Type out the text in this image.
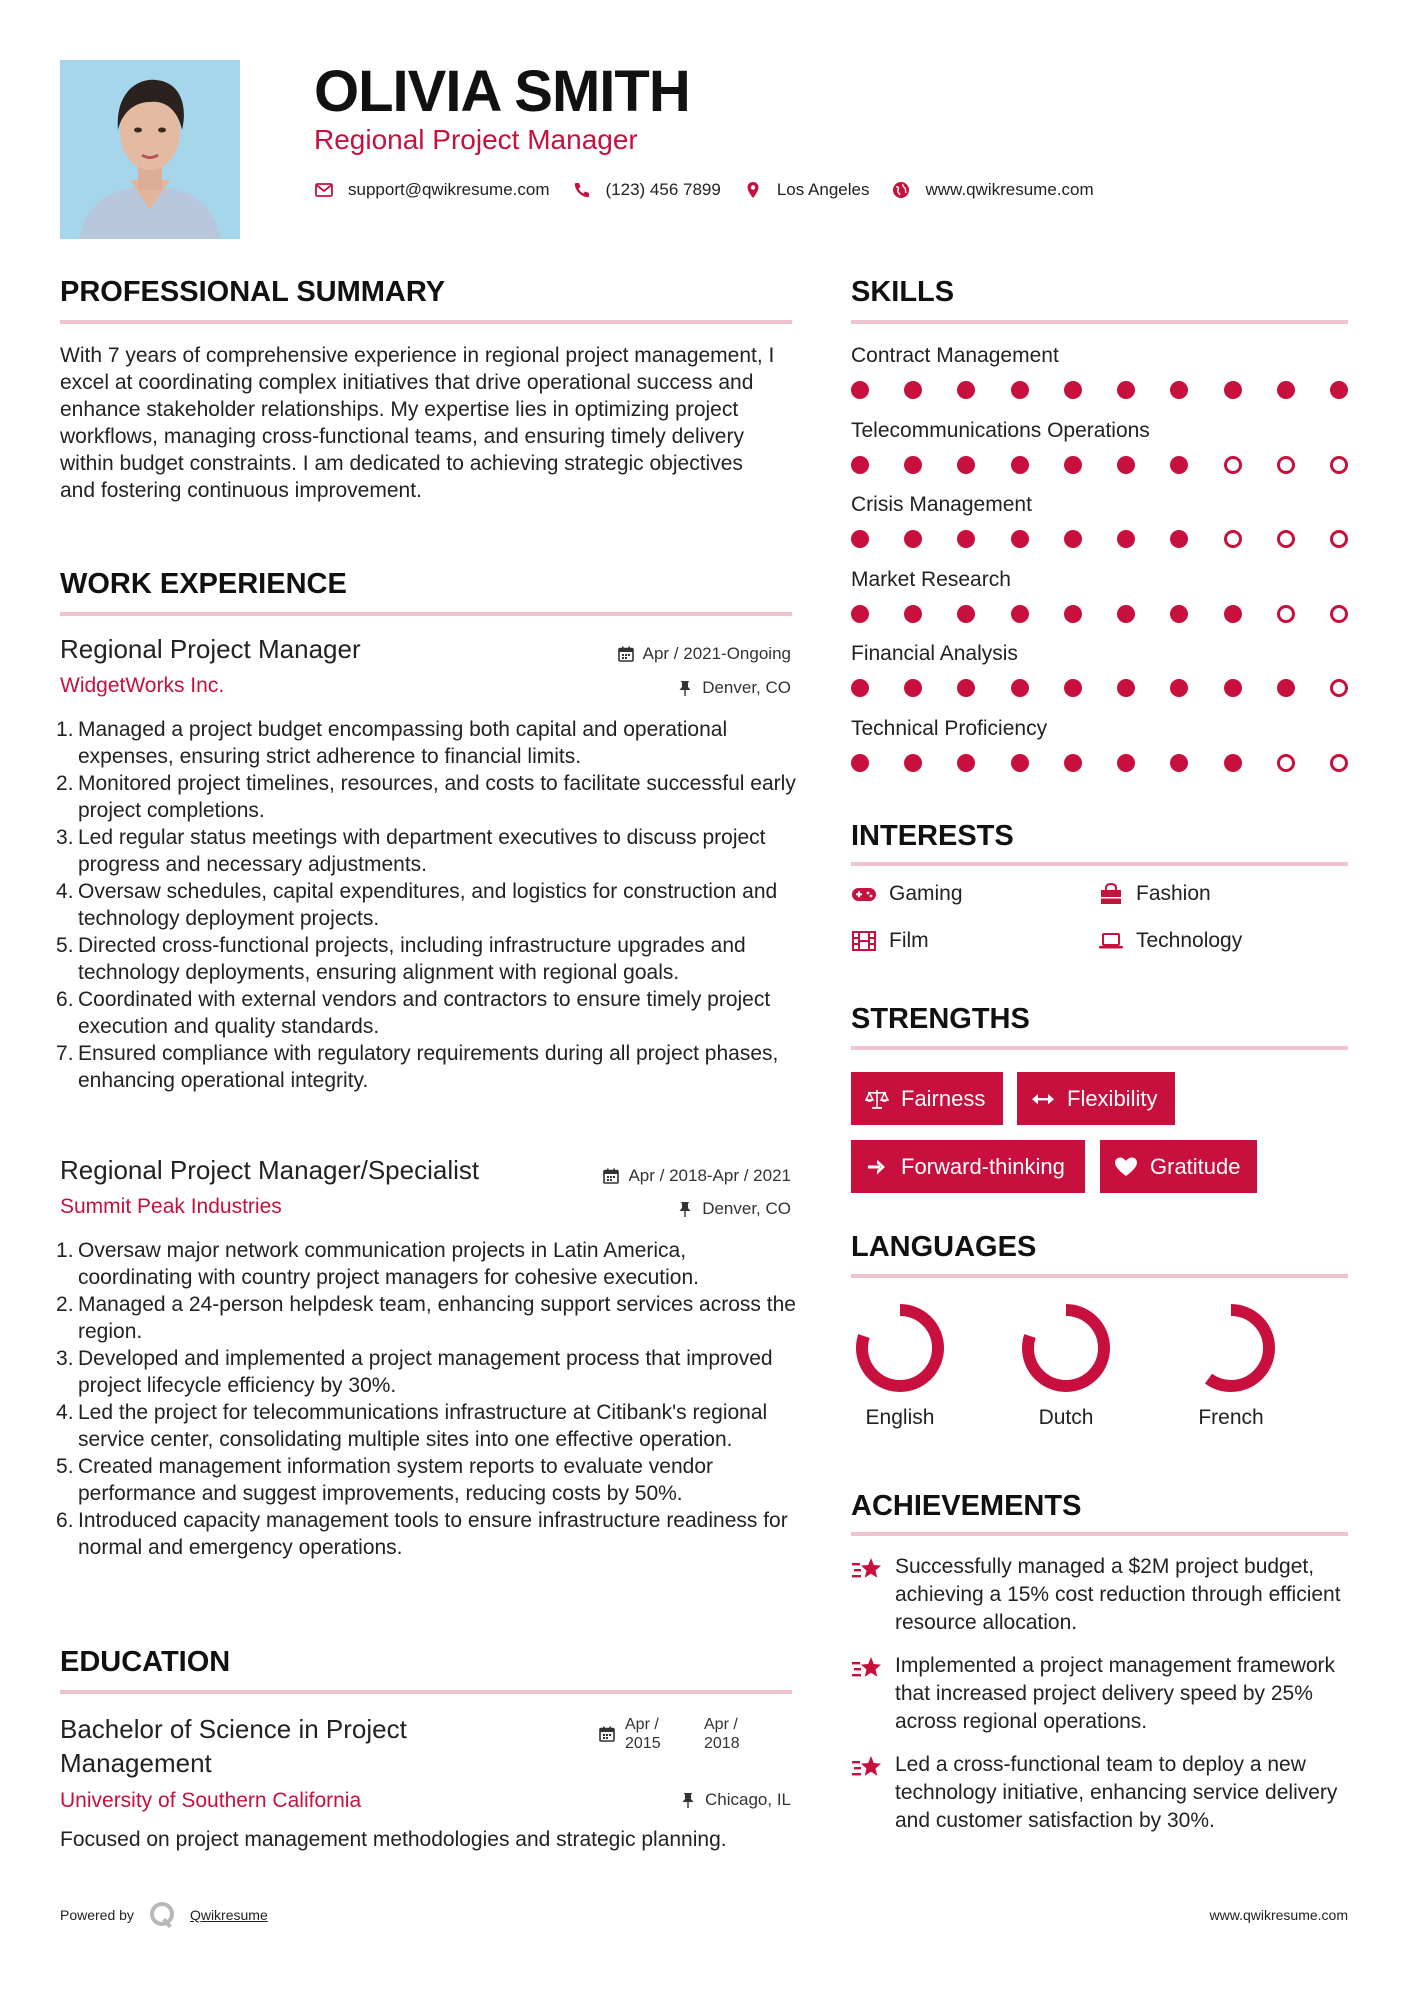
OLIVIA SMITH
Regional Project Manager
support@qwikresume.com	(123) 456 7899	Los Angeles	www.qwikresume.com
PROFESSIONAL SUMMARY
With 7 years of comprehensive experience in regional project management, I excel at coordinating complex initiatives that drive operational success and enhance stakeholder relationships. My expertise lies in optimizing project workflows, managing cross-functional teams, and ensuring timely delivery within budget constraints. I am dedicated to achieving strategic objectives and fostering continuous improvement.
WORK EXPERIENCE
Regional Project Manager
WidgetWorks Inc.
Apr / 2021-Ongoing
Denver, CO
Managed a project budget encompassing both capital and operational expenses, ensuring strict adherence to financial limits.
Monitored project timelines, resources, and costs to facilitate successful early project completions.
Led regular status meetings with department executives to discuss project progress and necessary adjustments.
Oversaw schedules, capital expenditures, and logistics for construction and technology deployment projects.
Directed cross-functional projects, including infrastructure upgrades and technology deployments, ensuring alignment with regional goals.
Coordinated with external vendors and contractors to ensure timely project execution and quality standards.
Ensured compliance with regulatory requirements during all project phases, enhancing operational integrity.
Regional Project Manager/Specialist
Summit Peak Industries
Apr / 2018-Apr / 2021
Denver, CO
Oversaw major network communication projects in Latin America, coordinating with country project managers for cohesive execution.
Managed a 24-person helpdesk team, enhancing support services across the region.
Developed and implemented a project management process that improved project lifecycle efficiency by 30%.
Led the project for telecommunications infrastructure at Citibank's regional service center, consolidating multiple sites into one effective operation.
Created management information system reports to evaluate vendor performance and suggest improvements, reducing costs by 50%.
Introduced capacity management tools to ensure infrastructure readiness for normal and emergency operations.
EDUCATION
Bachelor of Science in Project Management
Apr /
2015
Apr /
2018
University of Southern California	Chicago, IL
Focused on project management methodologies and strategic planning.
SKILLS
Contract Management
Telecommunications Operations
Crisis Management
Market Research
Financial Analysis
Technical Proficiency
INTERESTS
Gaming	Fashion
Film	Technology
STRENGTHS
Fairness	Flexibility
Forward-thinking	Gratitude
LANGUAGES
English	Dutch	French
ACHIEVEMENTS
Successfully managed a $2M project budget, achieving a 15% cost reduction through efficient resource allocation.
Implemented a project management framework that increased project delivery speed by 25% across regional operations.
Led a cross-functional team to deploy a new technology initiative, enhancing service delivery and customer satisfaction by 30%.
Powered by	Qwikresume	www.qwikresume.com
